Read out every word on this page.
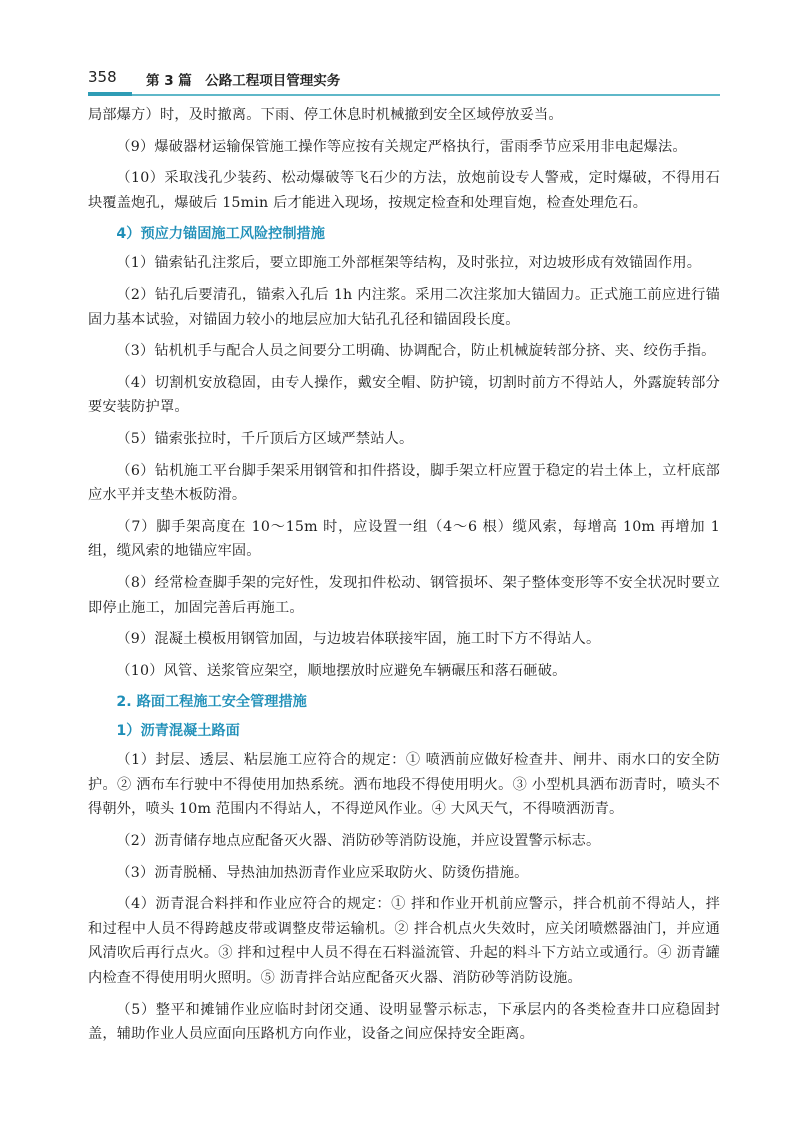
358 第 3 篇　公路工程项目管理实务

局部爆方）时，及时撤离。下雨、停工休息时机械撤到安全区域停放妥当。

（9）爆破器材运输保管施工操作等应按有关规定严格执行，雷雨季节应采用非电起爆法。

（10）采取浅孔少装药、松动爆破等飞石少的方法，放炮前设专人警戒，定时爆破，不得用石块覆盖炮孔，爆破后 15min 后才能进入现场，按规定检查和处理盲炮，检查处理危石。

4）预应力锚固施工风险控制措施

（1）锚索钻孔注浆后，要立即施工外部框架等结构，及时张拉，对边坡形成有效锚固作用。

（2）钻孔后要清孔，锚索入孔后 1h 内注浆。采用二次注浆加大锚固力。正式施工前应进行锚固力基本试验，对锚固力较小的地层应加大钻孔孔径和锚固段长度。

（3）钻机机手与配合人员之间要分工明确、协调配合，防止机械旋转部分挤、夹、绞伤手指。

（4）切割机安放稳固，由专人操作，戴安全帽、防护镜，切割时前方不得站人，外露旋转部分要安装防护罩。

（5）锚索张拉时，千斤顶后方区域严禁站人。

（6）钻机施工平台脚手架采用钢管和扣件搭设，脚手架立杆应置于稳定的岩土体上，立杆底部应水平并支垫木板防滑。

（7）脚手架高度在 10～15m 时，应设置一组（4～6 根）缆风索，每增高 10m 再增加 1 组，缆风索的地锚应牢固。

（8）经常检查脚手架的完好性，发现扣件松动、钢管损坏、架子整体变形等不安全状况时要立即停止施工，加固完善后再施工。

（9）混凝土模板用钢管加固，与边坡岩体联接牢固，施工时下方不得站人。

（10）风管、送浆管应架空，顺地摆放时应避免车辆碾压和落石砸破。

2. 路面工程施工安全管理措施
1）沥青混凝土路面

（1）封层、透层、粘层施工应符合的规定：① 喷洒前应做好检查井、闸井、雨水口的安全防护。② 洒布车行驶中不得使用加热系统。洒布地段不得使用明火。③ 小型机具洒布沥青时，喷头不得朝外，喷头 10m 范围内不得站人，不得逆风作业。④ 大风天气，不得喷洒沥青。

（2）沥青储存地点应配备灭火器、消防砂等消防设施，并应设置警示标志。

（3）沥青脱桶、导热油加热沥青作业应采取防火、防烫伤措施。

（4）沥青混合料拌和作业应符合的规定：① 拌和作业开机前应警示，拌合机前不得站人，拌和过程中人员不得跨越皮带或调整皮带运输机。② 拌合机点火失效时，应关闭喷燃器油门，并应通风清吹后再行点火。③ 拌和过程中人员不得在石料溢流管、升起的料斗下方站立或通行。④ 沥青罐内检查不得使用明火照明。⑤ 沥青拌合站应配备灭火器、消防砂等消防设施。

（5）整平和摊铺作业应临时封闭交通、设明显警示标志，下承层内的各类检查井口应稳固封盖，辅助作业人员应面向压路机方向作业，设备之间应保持安全距离。
